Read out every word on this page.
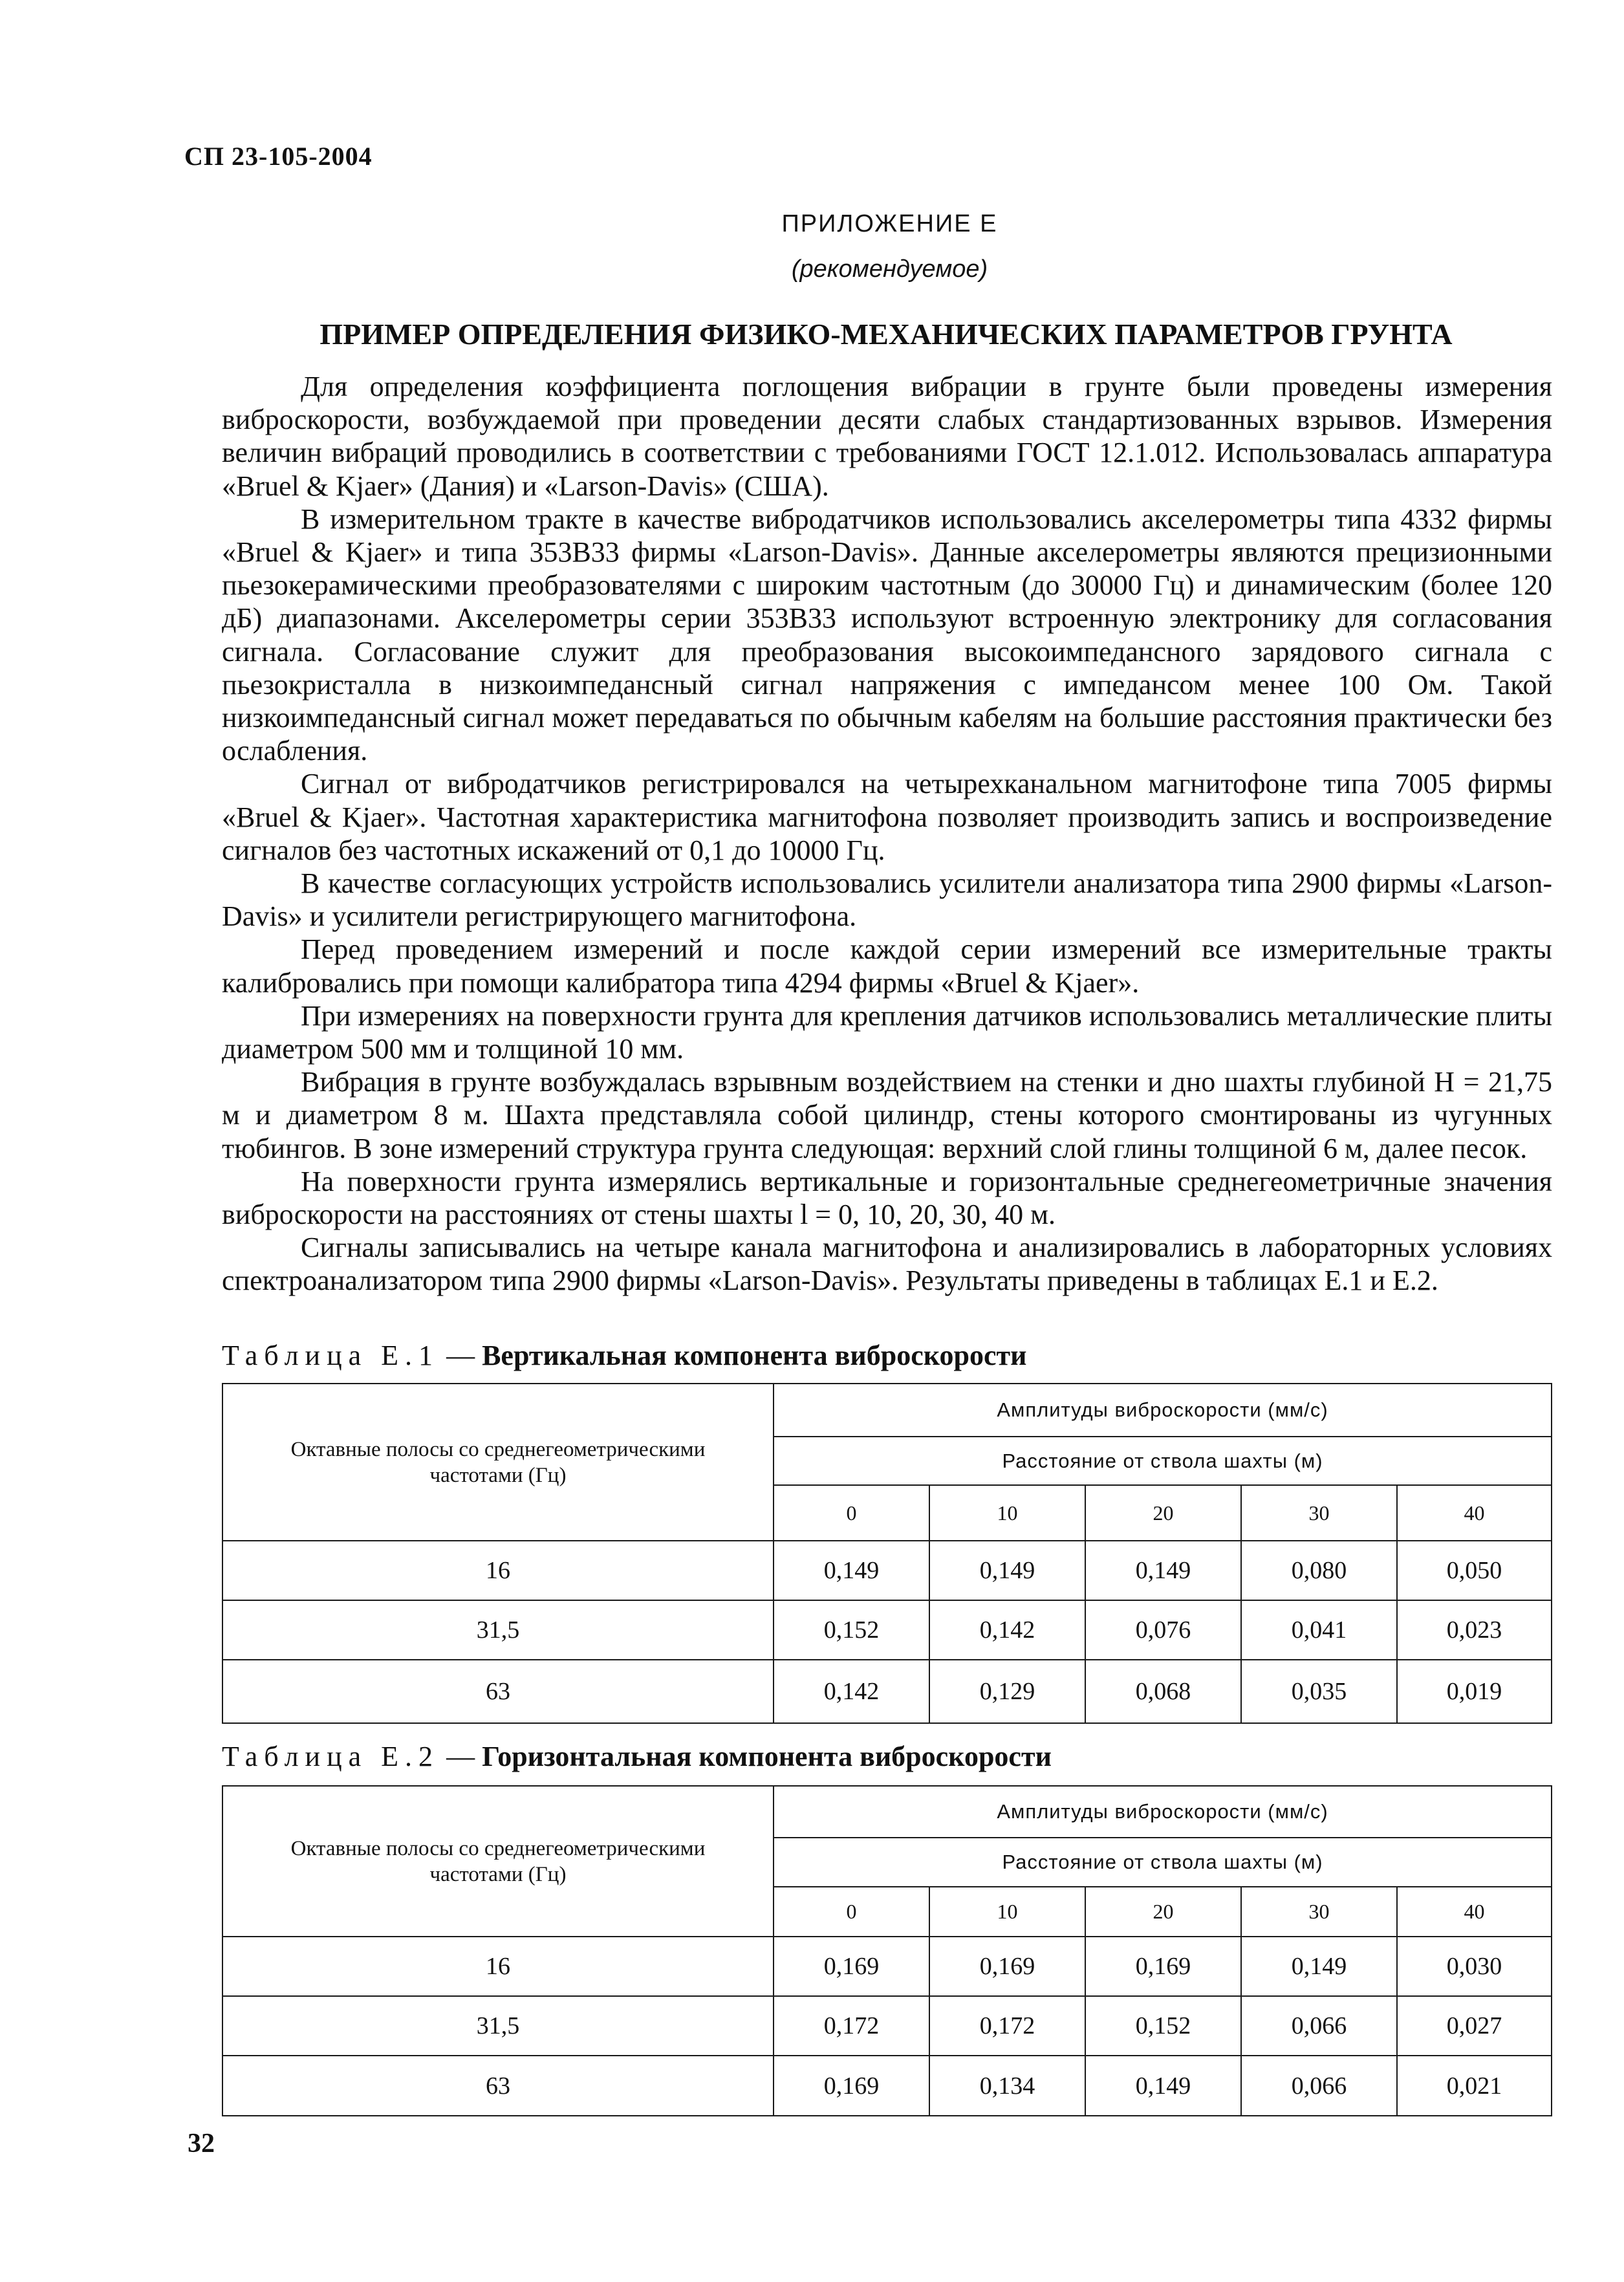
СП 23-105-2004
ПРИЛОЖЕНИЕ Е
(рекомендуемое)
ПРИМЕР ОПРЕДЕЛЕНИЯ ФИЗИКО-МЕХАНИЧЕСКИХ ПАРАМЕТРОВ ГРУНТА

Для определения коэффициента поглощения вибрации в грунте были проведены измерения виброскорости, возбуждаемой при проведении десяти слабых стандартизованных взрывов. Измерения величин вибраций проводились в соответствии с требованиями ГОСТ 12.1.012. Использовалась аппаратура «Bruel & Kjaer» (Дания) и «Larson-Davis» (США).

В измерительном тракте в качестве вибродатчиков использовались акселерометры типа 4332 фирмы «Bruel & Kjaer» и типа 353B33 фирмы «Larson-Davis». Данные акселерометры являются прецизионными пьезокерамическими преобразователями с широким частотным (до 30000 Гц) и динамическим (более 120 дБ) диапазонами. Акселерометры серии 353B33 используют встроенную электронику для согласования сигнала. Согласование служит для преобразования высокоимпедансного зарядового сигнала с пьезокристалла в низкоимпедансный сигнал напряжения с импедансом менее 100 Ом. Такой низкоимпедансный сигнал может передаваться по обычным кабелям на большие расстояния практически без ослабления.

Сигнал от вибродатчиков регистрировался на четырехканальном магнитофоне типа 7005 фирмы «Bruel & Kjaer». Частотная характеристика магнитофона позволяет производить запись и воспроизведение сигналов без частотных искажений от 0,1 до 10000 Гц.

В качестве согласующих устройств использовались усилители анализатора типа 2900 фирмы «Larson-Davis» и усилители регистрирующего магнитофона.

Перед проведением измерений и после каждой серии измерений все измерительные тракты калибровались при помощи калибратора типа 4294 фирмы «Bruel & Kjaer».

При измерениях на поверхности грунта для крепления датчиков использовались металлические плиты диаметром 500 мм и толщиной 10 мм.

Вибрация в грунте возбуждалась взрывным воздействием на стенки и дно шахты глубиной H = 21,75 м и диаметром 8 м. Шахта представляла собой цилиндр, стены которого смонтированы из чугунных тюбингов. В зоне измерений структура грунта следующая: верхний слой глины толщиной 6 м, далее песок.

На поверхности грунта измерялись вертикальные и горизонтальные среднегеометричные значения виброскорости на расстояниях от стены шахты l = 0, 10, 20, 30, 40 м.

Сигналы записывались на четыре канала магнитофона и анализировались в лабораторных условиях спектроанализатором типа 2900 фирмы «Larson-Davis». Результаты приведены в таблицах Е.1 и Е.2.

Таблица Е.1 — Вертикальная компонента виброскорости
Октавные полосы со среднегеометрическими частотами (Гц)	Амплитуды виброскорости (мм/с)				
	Расстояние от ствола шахты (м)				
	0	10	20	30	40
16	0,149	0,149	0,149	0,080	0,050
31,5	0,152	0,142	0,076	0,041	0,023
63	0,142	0,129	0,068	0,035	0,019
Таблица Е.2 — Горизонтальная компонента виброскорости
Октавные полосы со среднегеометрическими частотами (Гц)	Амплитуды виброскорости (мм/с)				
	Расстояние от ствола шахты (м)				
	0	10	20	30	40
16	0,169	0,169	0,169	0,149	0,030
31,5	0,172	0,172	0,152	0,066	0,027
63	0,169	0,134	0,149	0,066	0,021
32
